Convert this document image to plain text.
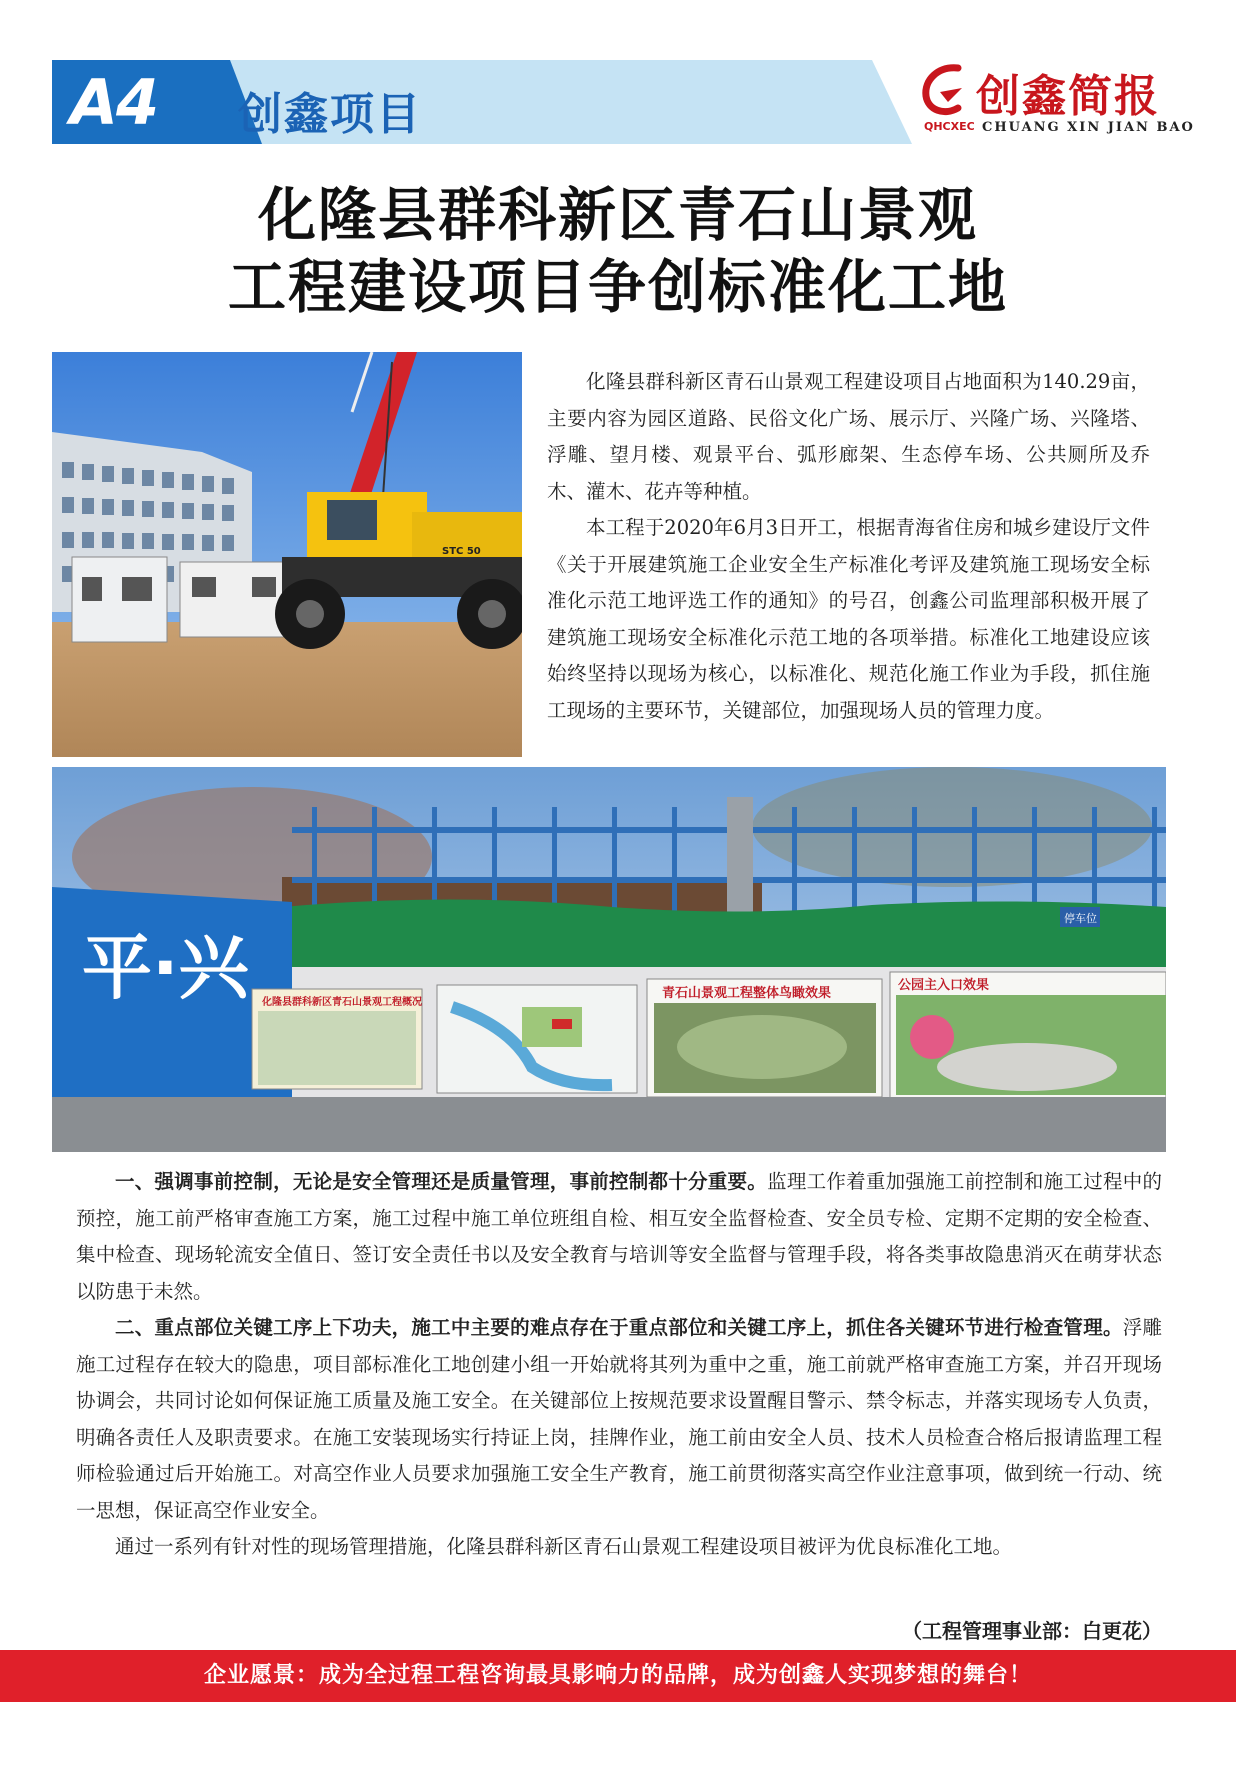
A4 创鑫项目	创鑫简报
QHCXEC CHUANG XIN JIAN BAO
化隆县群科新区青石山景观
工程建设项目争创标准化工地
STC 50

化隆县群科新区青石山景观工程建设项目占地面积为140.29亩，主要内容为园区道路、民俗文化广场、展示厅、兴隆广场、兴隆塔、浮雕、望月楼、观景平台、弧形廊架、生态停车场、公共厕所及乔木、灌木、花卉等种植。

本工程于2020年6月3日开工，根据青海省住房和城乡建设厅文件《关于开展建筑施工企业安全生产标准化考评及建筑施工现场安全标准化示范工地评选工作的通知》的号召，创鑫公司监理部积极开展了建筑施工现场安全标准化示范工地的各项举措。标准化工地建设应该始终坚持以现场为核心，以标准化、规范化施工作业为手段，抓住施工现场的主要环节，关键部位，加强现场人员的管理力度。

平·兴
停车位
化隆县群科新区青石山景观工程概况
青石山景观工程整体鸟瞰效果
公园主入口效果

一、强调事前控制，无论是安全管理还是质量管理，事前控制都十分重要。监理工作着重加强施工前控制和施工过程中的预控，施工前严格审查施工方案，施工过程中施工单位班组自检、相互安全监督检查、安全员专检、定期不定期的安全检查、集中检查、现场轮流安全值日、签订安全责任书以及安全教育与培训等安全监督与管理手段，将各类事故隐患消灭在萌芽状态以防患于未然。

二、重点部位关键工序上下功夫，施工中主要的难点存在于重点部位和关键工序上，抓住各关键环节进行检查管理。浮雕施工过程存在较大的隐患，项目部标准化工地创建小组一开始就将其列为重中之重，施工前就严格审查施工方案，并召开现场协调会，共同讨论如何保证施工质量及施工安全。在关键部位上按规范要求设置醒目警示、禁令标志，并落实现场专人负责，明确各责任人及职责要求。在施工安装现场实行持证上岗，挂牌作业，施工前由安全人员、技术人员检查合格后报请监理工程师检验通过后开始施工。对高空作业人员要求加强施工安全生产教育，施工前贯彻落实高空作业注意事项，做到统一行动、统一思想，保证高空作业安全。

通过一系列有针对性的现场管理措施，化隆县群科新区青石山景观工程建设项目被评为优良标准化工地。

（工程管理事业部：白更花）
企业愿景：成为全过程工程咨询最具影响力的品牌，成为创鑫人实现梦想的舞台！
